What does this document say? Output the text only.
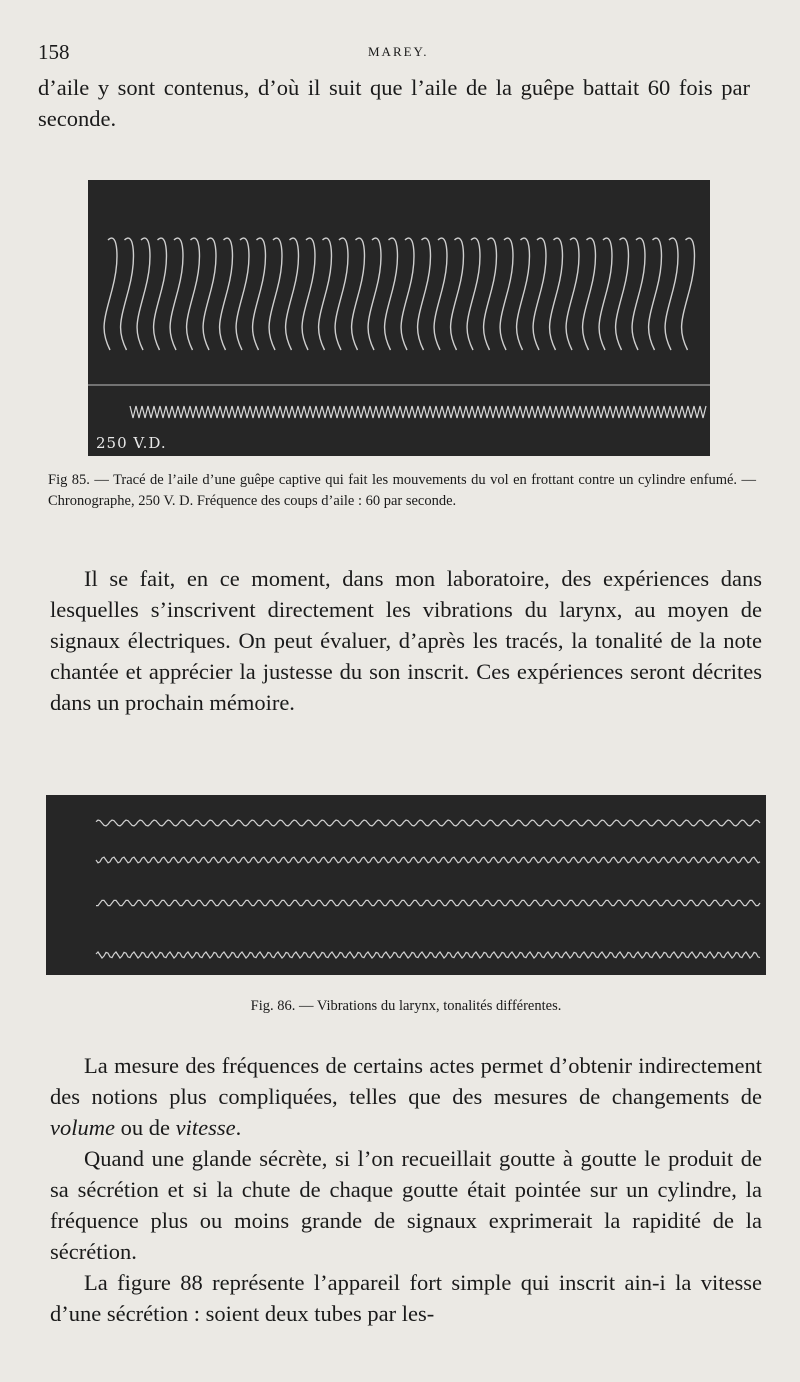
158	MAREY.

d’aile y sont contenus, d’où il suit que l’aile de la guêpe battait 60 fois par seconde.

250 V.D.
Fig 85. — Tracé de l’aile d’une guêpe captive qui fait les mouvements du vol en frottant contre un cylindre enfumé. — Chronographe, 250 V. D. Fréquence des coups d’aile : 60 par seconde.

Il se fait, en ce moment, dans mon laboratoire, des expériences dans lesquelles s’inscrivent directement les vibrations du larynx, au moyen de signaux électriques. On peut évaluer, d’après les tracés, la tonalité de la note chantée et apprécier la justesse du son inscrit. Ces expériences seront décrites dans un prochain mémoire.

Fig. 86. — Vibrations du larynx, tonalités différentes.

La mesure des fréquences de certains actes permet d’obtenir indirectement des notions plus compliquées, telles que des mesures de changements de volume ou de vitesse.

Quand une glande sécrète, si l’on recueillait goutte à goutte le produit de sa sécrétion et si la chute de chaque goutte était pointée sur un cylindre, la fréquence plus ou moins grande de signaux exprimerait la rapidité de la sécrétion.

La figure 88 représente l’appareil fort simple qui inscrit ain-i la vitesse d’une sécrétion : soient deux tubes par les-
